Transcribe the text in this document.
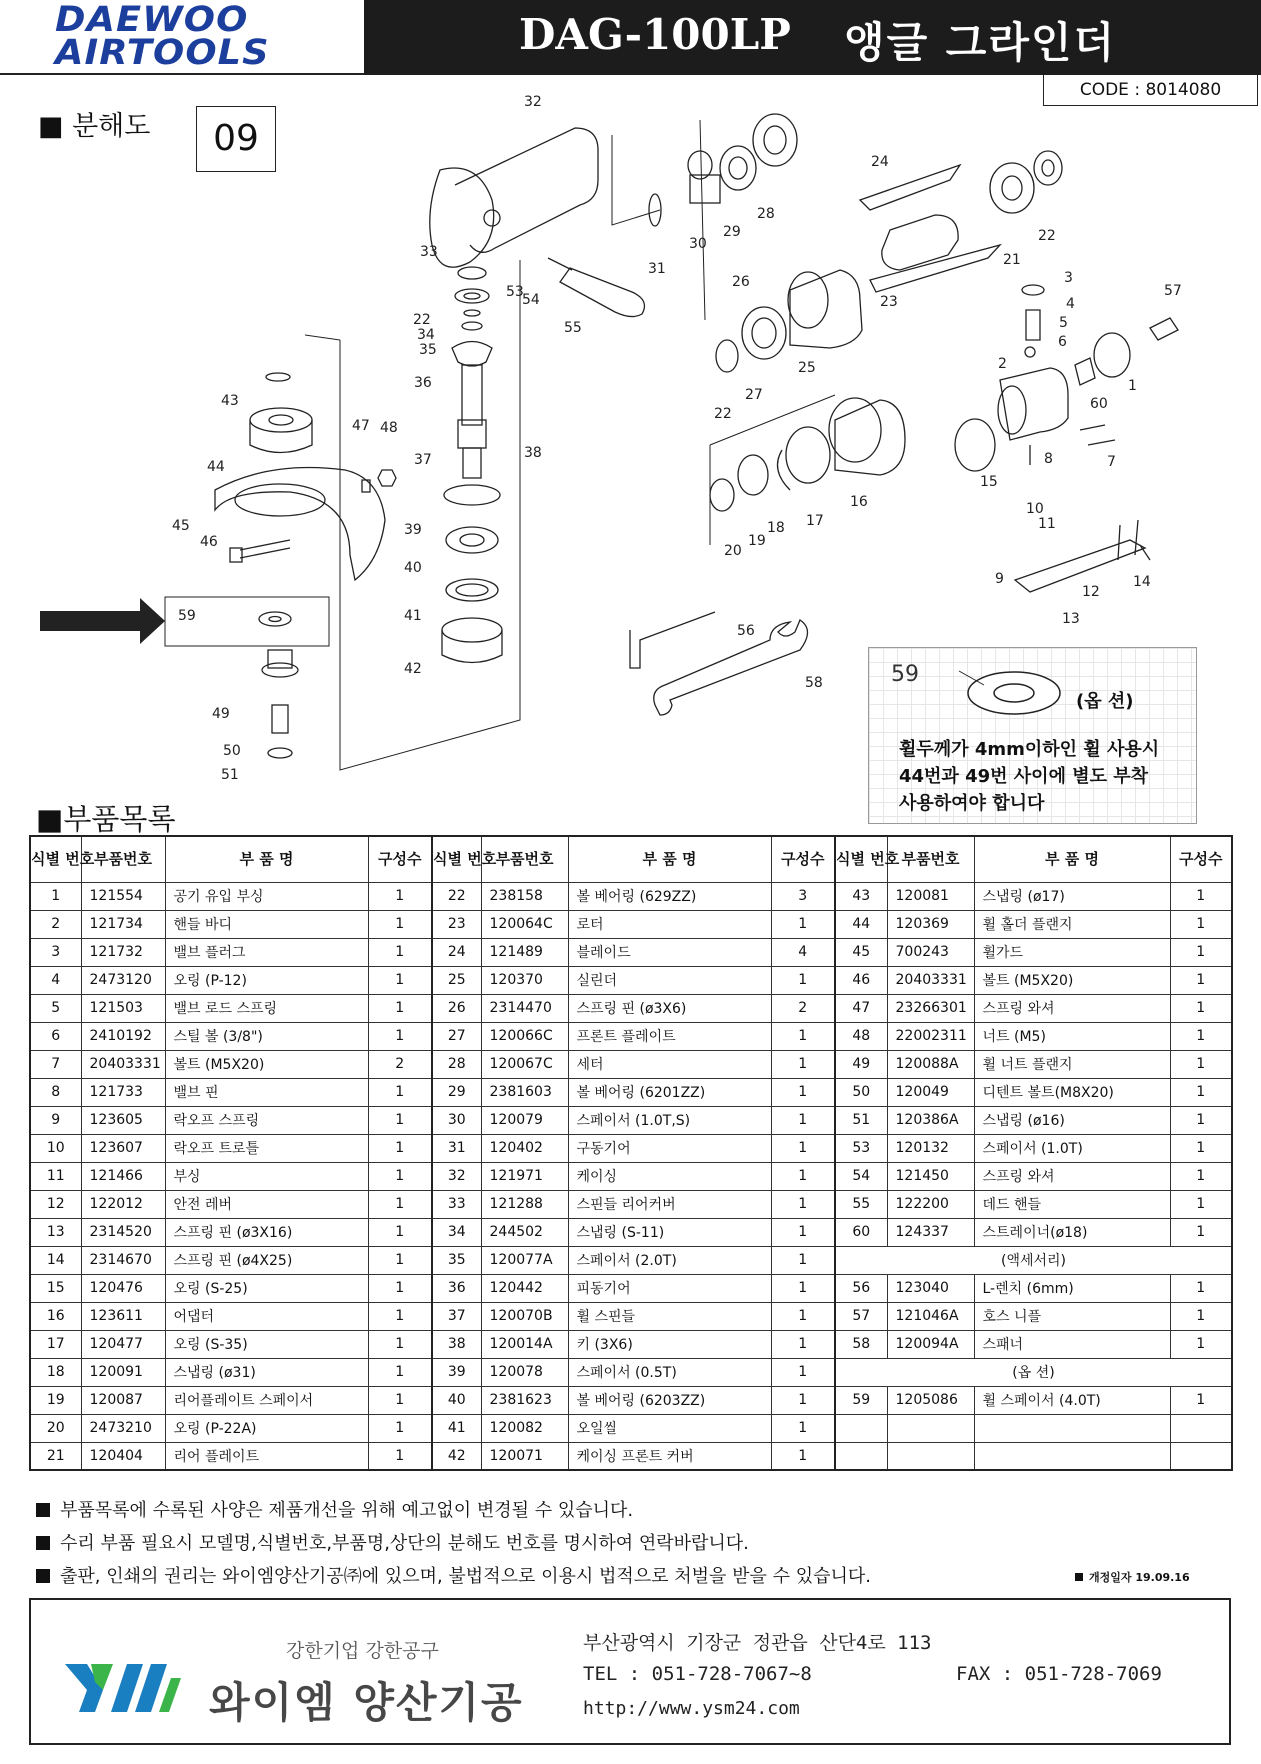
DAEWOO
AIRTOOLS	DAG-100LP 앵글 그라인더
CODE : 8014080
■ 분해도	09
32
33
53
54
55
22
34
35
36
37	38
39
40
41
42
43
44
45
46
47 48
59
49
50
51
31
30
29
28
24
21
22
23
26
25
27
22
3
4
5
6
57
2
1
60
7
8
15
16
17
18
19
20
10
11
9
12
14
13
56
58	59
(옵 션)
휠두께가 4mm이하인 휠 사용시
44번과 49번 사이에 별도 부착
사용하여야 합니다
■부품목록
식별 번호	부품번호	부 품 명	구성수	식별 번호	부품번호	부 품 명	구성수	식별 번호	부품번호	부 품 명	구성수
1	121554	공기 유입 부싱	1	22	238158	볼 베어링 (629ZZ)	3	43	120081	스냅링 (ø17)	1
2	121734	핸들 바디	1	23	120064C	로터	1	44	120369	휠 홀더 플랜지	1
3	121732	밸브 플러그	1	24	121489	블레이드	4	45	700243	휠가드	1
4	2473120	오링 (P-12)	1	25	120370	실린더	1	46	20403331	볼트 (M5X20)	1
5	121503	밸브 로드 스프링	1	26	2314470	스프링 핀 (ø3X6)	2	47	23266301	스프링 와셔	1
6	2410192	스틸 볼 (3/8")	1	27	120066C	프론트 플레이트	1	48	22002311	너트 (M5)	1
7	20403331	볼트 (M5X20)	2	28	120067C	세터	1	49	120088A	휠 너트 플랜지	1
8	121733	밸브 핀	1	29	2381603	볼 베어링 (6201ZZ)	1	50	120049	디텐트 볼트(M8X20)	1
9	123605	락오프 스프링	1	30	120079	스페이서 (1.0T,S)	1	51	120386A	스냅링 (ø16)	1
10	123607	락오프 트로틀	1	31	120402	구동기어	1	53	120132	스페이서 (1.0T)	1
11	121466	부싱	1	32	121971	케이싱	1	54	121450	스프링 와셔	1
12	122012	안전 레버	1	33	121288	스핀들 리어커버	1	55	122200	데드 핸들	1
13	2314520	스프링 핀 (ø3X16)	1	34	244502	스냅링 (S-11)	1	60	124337	스트레이너(ø18)	1
14	2314670	스프링 핀 (ø4X25)	1	35	120077A	스페이서 (2.0T)	1	(액세서리)			
15	120476	오링 (S-25)	1	36	120442	피동기어	1	56	123040	L-렌치 (6mm)	1
16	123611	어댑터	1	37	120070B	휠 스핀들	1	57	121046A	호스 니플	1
17	120477	오링 (S-35)	1	38	120014A	키 (3X6)	1	58	120094A	스패너	1
18	120091	스냅링 (ø31)	1	39	120078	스페이서 (0.5T)	1	(옵 션)			
19	120087	리어플레이트 스페이서	1	40	2381623	볼 베어링 (6203ZZ)	1	59	1205086	휠 스페이서 (4.0T)	1
20	2473210	오링 (P-22A)	1	41	120082	오일씰	1				
21	120404	리어 플레이트	1	42	120071	케이싱 프론트 커버	1				
부품목록에 수록된 사양은 제품개선을 위해 예고없이 변경될 수 있습니다.
수리 부품 필요시 모델명,식별번호,부품명,상단의 분해도 번호를 명시하여 연락바랍니다.
출판, 인쇄의 권리는 와이엠양산기공㈜에 있으며, 불법적으로 이용시 법적으로 처벌을 받을 수 있습니다.	개정일자 19.09.16
강한기업 강한공구
와이엠 양산기공
부산광역시 기장군 정관읍 산단4로 113
TEL : 051-728-7067~8	FAX : 051-728-7069
http://www.ysm24.com
